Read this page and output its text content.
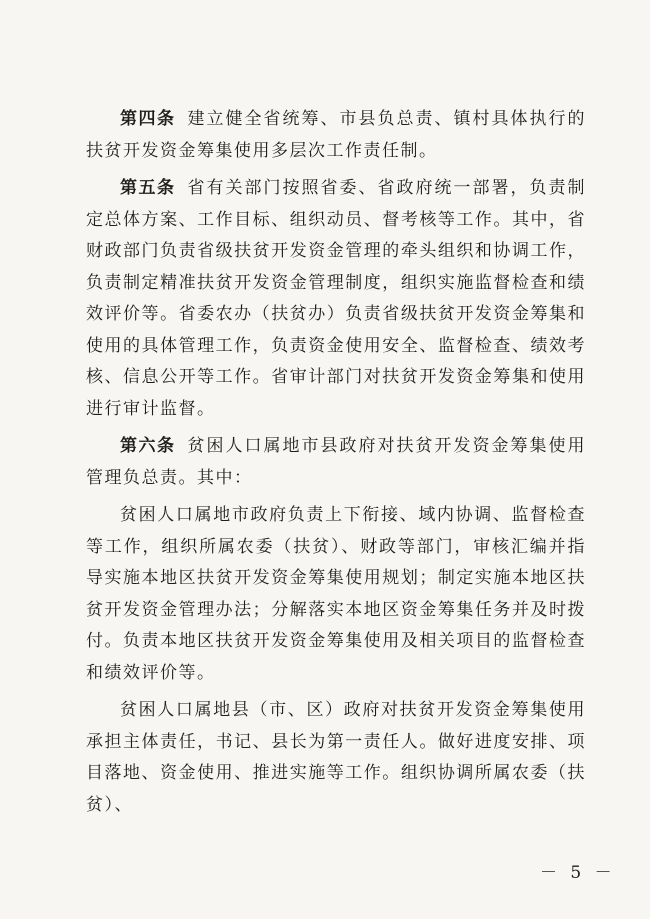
第四条 建立健全省统筹、市县负总责、镇村具体执行的扶贫开发资金筹集使用多层次工作责任制。

第五条 省有关部门按照省委、省政府统一部署，负责制定总体方案、工作目标、组织动员、督考核等工作。其中，省财政部门负责省级扶贫开发资金管理的牵头组织和协调工作，负责制定精准扶贫开发资金管理制度，组织实施监督检查和绩效评价等。省委农办（扶贫办）负责省级扶贫开发资金筹集和使用的具体管理工作，负责资金使用安全、监督检查、绩效考核、信息公开等工作。省审计部门对扶贫开发资金筹集和使用进行审计监督。

第六条 贫困人口属地市县政府对扶贫开发资金筹集使用管理负总责。其中：

贫困人口属地市政府负责上下衔接、域内协调、监督检查等工作，组织所属农委（扶贫）、财政等部门，审核汇编并指导实施本地区扶贫开发资金筹集使用规划；制定实施本地区扶贫开发资金管理办法；分解落实本地区资金筹集任务并及时拨付。负责本地区扶贫开发资金筹集使用及相关项目的监督检查和绩效评价等。

贫困人口属地县（市、区）政府对扶贫开发资金筹集使用承担主体责任，书记、县长为第一责任人。做好进度安排、项目落地、资金使用、推进实施等工作。组织协调所属农委（扶贫）、

－ 5 －
